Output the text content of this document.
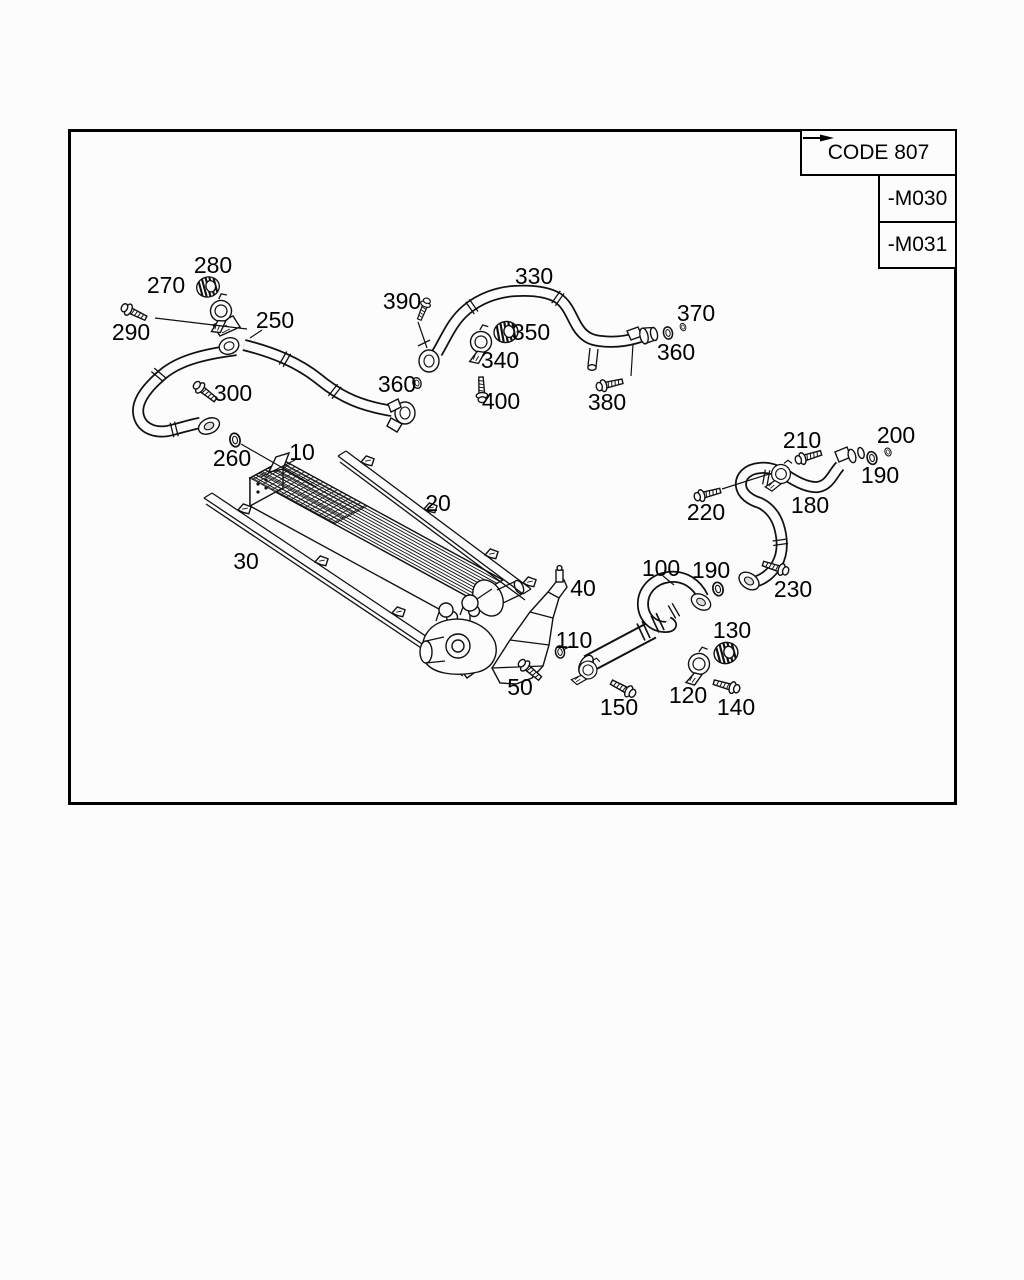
280
270
290	250
300
260 10
390
330
350
340
360
400	380
370
360
200
210
190
180
220
230
100 190
20
30
40
110	130
50
150 120 140
CODE 807
-M030
-M031
